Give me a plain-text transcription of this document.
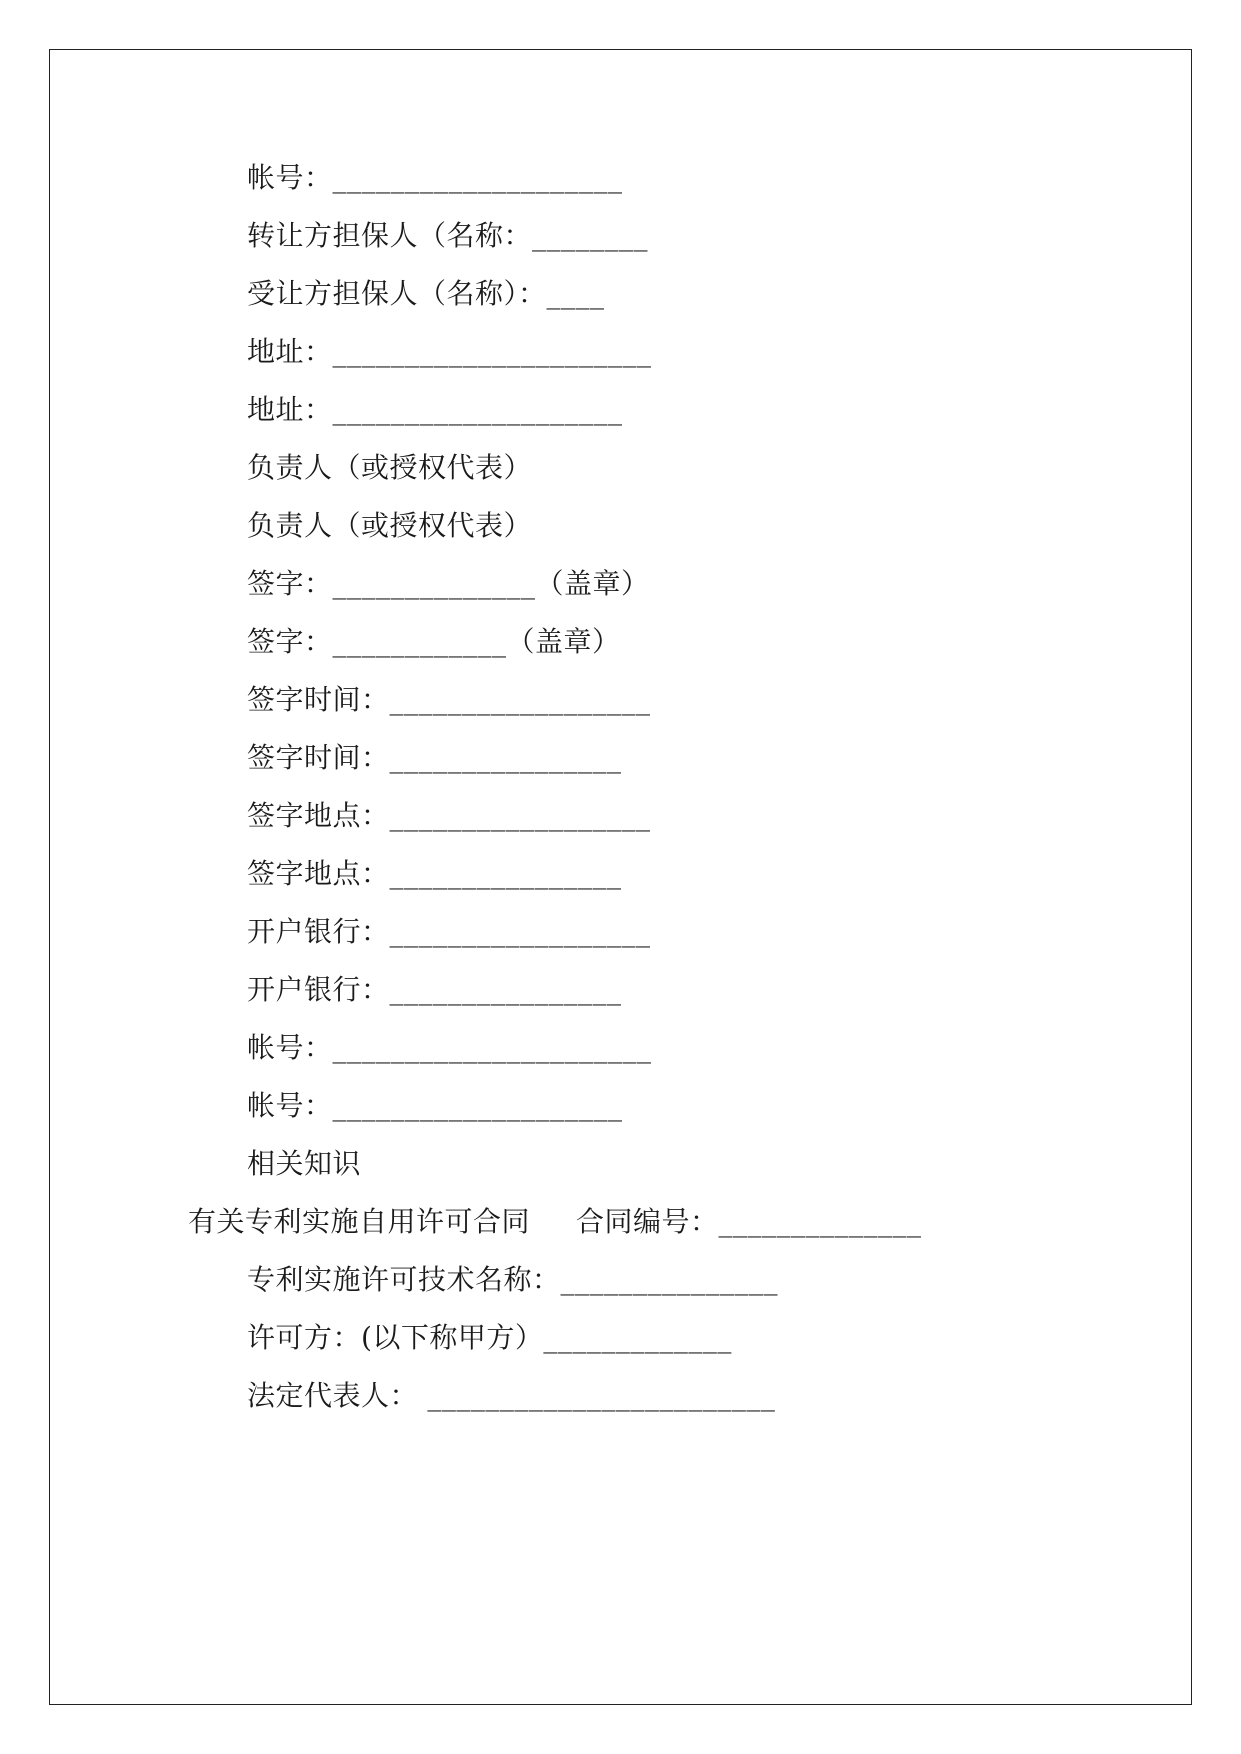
帐号：____________________
转让方担保人（名称：________
受让方担保人（名称）：____
地址：______________________
地址：____________________
负责人（或授权代表）
负责人（或授权代表）
签字：______________（盖章）
签字：____________（盖章）
签字时间：__________________
签字时间：________________
签字地点：__________________
签字地点：________________
开户银行：__________________
开户银行：________________
帐号：______________________
帐号：____________________
相关知识
有关专利实施自用许可合同 合同编号：______________
专利实施许可技术名称：_______________
许可方：(以下称甲方）_____________
法定代表人： ________________________
